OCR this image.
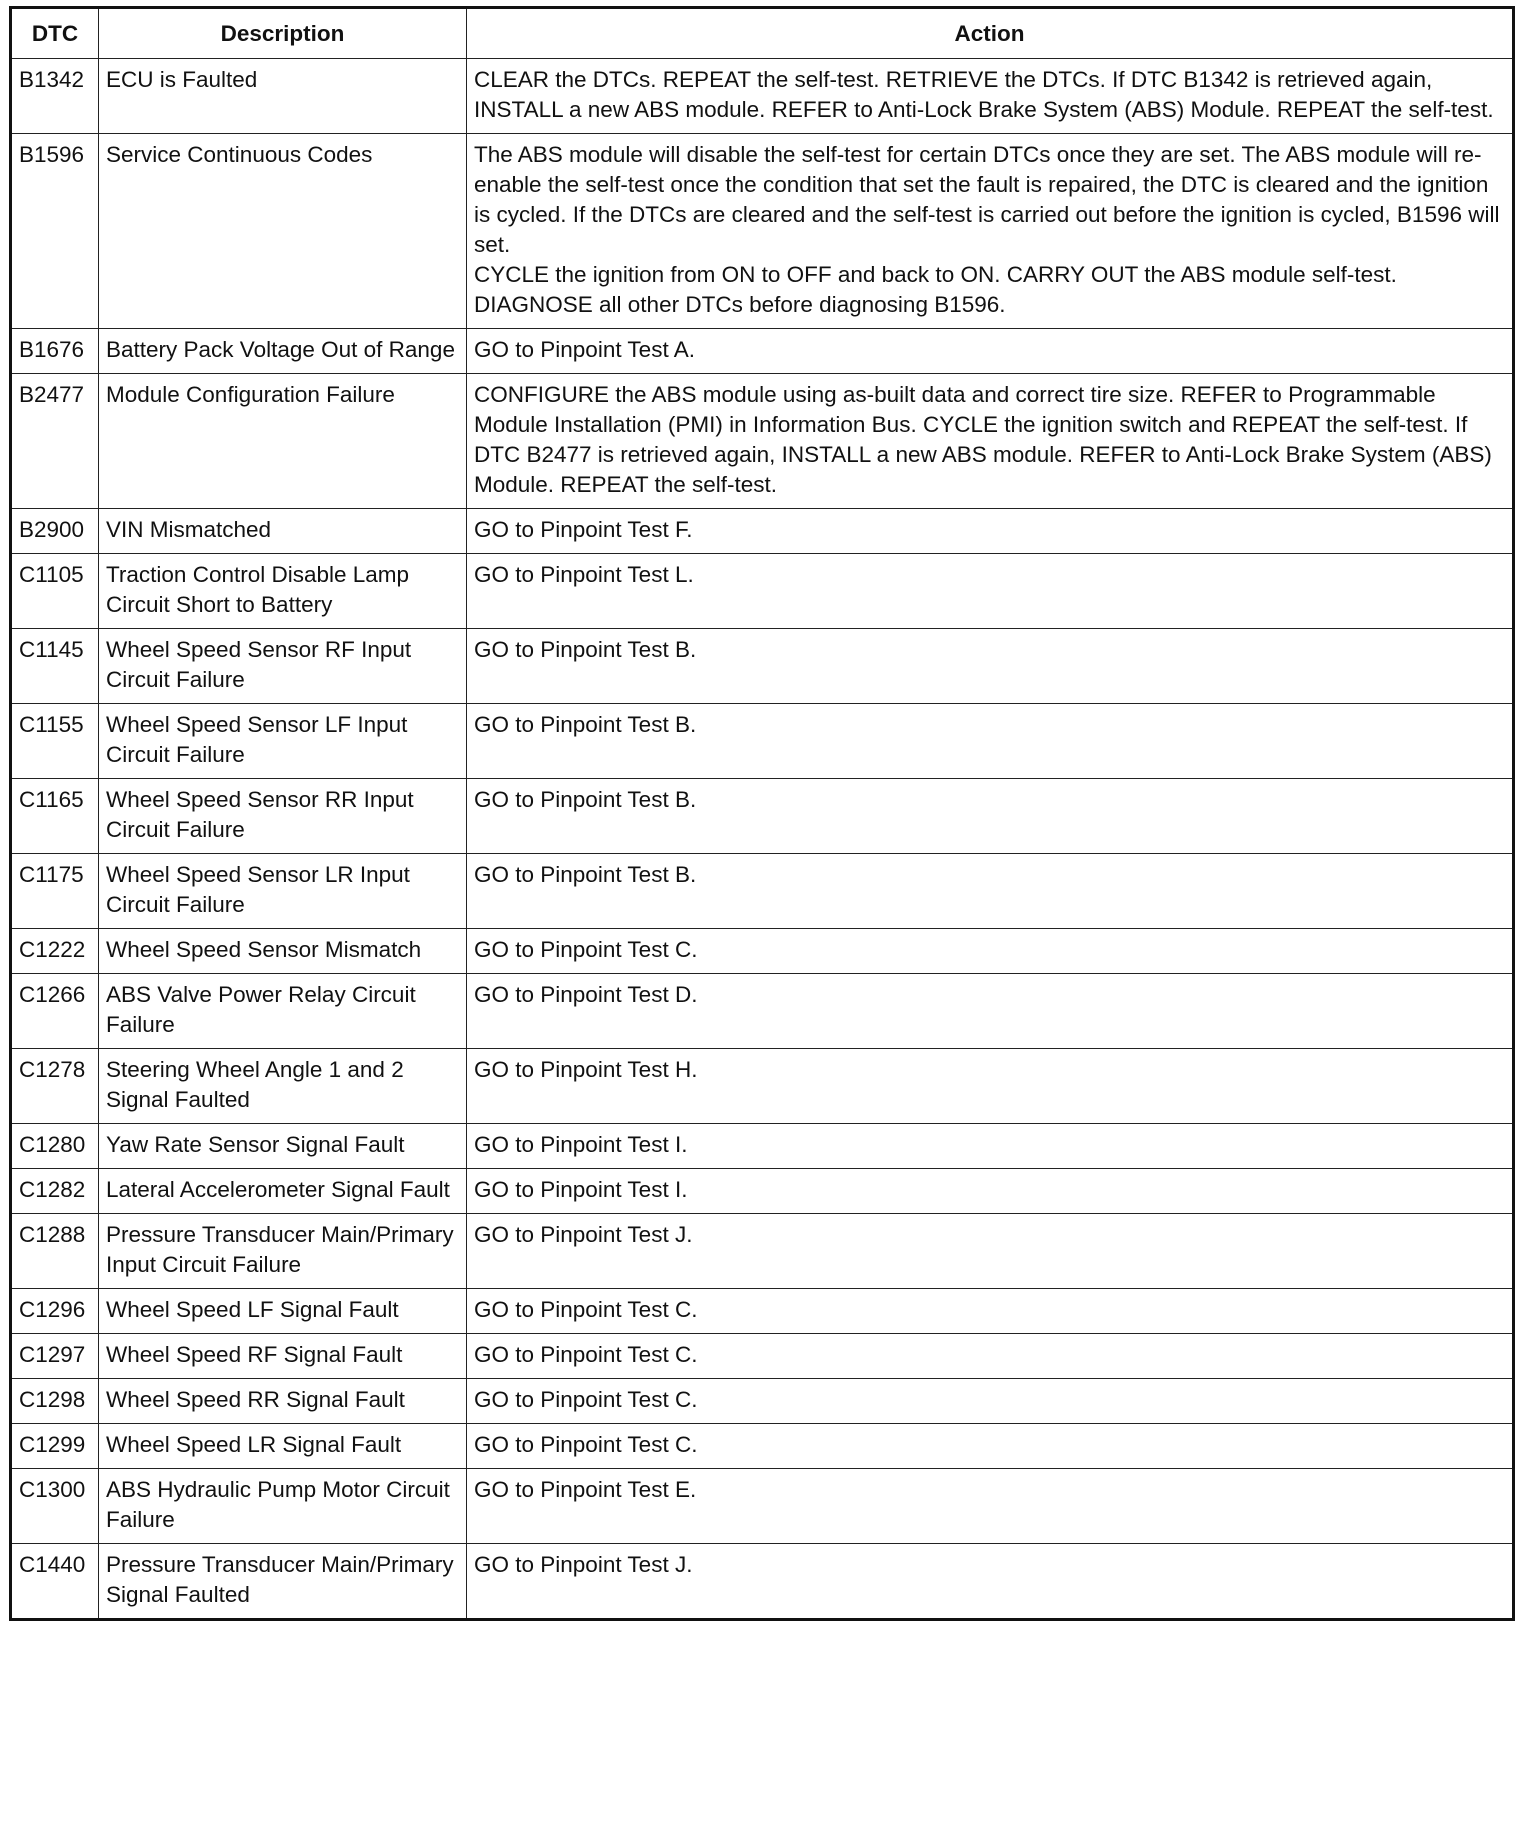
DTC	Description	Action
B1342	ECU is Faulted	CLEAR the DTCs. REPEAT the self-test. RETRIEVE the DTCs. If DTC B1342 is retrieved again, INSTALL a new ABS module. REFER to Anti-Lock Brake System (ABS) Module. REPEAT the self-test.

B1596	Service Continuous Codes	The ABS module will disable the self-test for certain DTCs once they are set. The ABS module will re-enable the self-test once the condition that set the fault is repaired, the DTC is cleared and the ignition is cycled. If the DTCs are cleared and the self-test is carried out before the ignition is cycled, B1596 will set.

CYCLE the ignition from ON to OFF and back to ON. CARRY OUT the ABS module self-test. DIAGNOSE all other DTCs before diagnosing B1596.

B1676	Battery Pack Voltage Out of Range	GO to Pinpoint Test A.

B2477	Module Configuration Failure	CONFIGURE the ABS module using as-built data and correct tire size. REFER to Programmable Module Installation (PMI) in Information Bus. CYCLE the ignition switch and REPEAT the self-test. If DTC B2477 is retrieved again, INSTALL a new ABS module. REFER to Anti-Lock Brake System (ABS) Module. REPEAT the self-test.

B2900	VIN Mismatched	GO to Pinpoint Test F.

C1105	Traction Control Disable Lamp Circuit Short to Battery	GO to Pinpoint Test L.

C1145	Wheel Speed Sensor RF Input Circuit Failure	GO to Pinpoint Test B.

C1155	Wheel Speed Sensor LF Input Circuit Failure	GO to Pinpoint Test B.

C1165	Wheel Speed Sensor RR Input Circuit Failure	GO to Pinpoint Test B.

C1175	Wheel Speed Sensor LR Input Circuit Failure	GO to Pinpoint Test B.

C1222	Wheel Speed Sensor Mismatch	GO to Pinpoint Test C.

C1266	ABS Valve Power Relay Circuit Failure	GO to Pinpoint Test D.

C1278	Steering Wheel Angle 1 and 2 Signal Faulted	GO to Pinpoint Test H.

C1280	Yaw Rate Sensor Signal Fault	GO to Pinpoint Test I.

C1282	Lateral Accelerometer Signal Fault	GO to Pinpoint Test I.

C1288	Pressure Transducer Main/Primary Input Circuit Failure	GO to Pinpoint Test J.

C1296	Wheel Speed LF Signal Fault	GO to Pinpoint Test C.

C1297	Wheel Speed RF Signal Fault	GO to Pinpoint Test C.

C1298	Wheel Speed RR Signal Fault	GO to Pinpoint Test C.

C1299	Wheel Speed LR Signal Fault	GO to Pinpoint Test C.

C1300	ABS Hydraulic Pump Motor Circuit Failure	GO to Pinpoint Test E.

C1440	Pressure Transducer Main/Primary Signal Faulted	GO to Pinpoint Test J.
